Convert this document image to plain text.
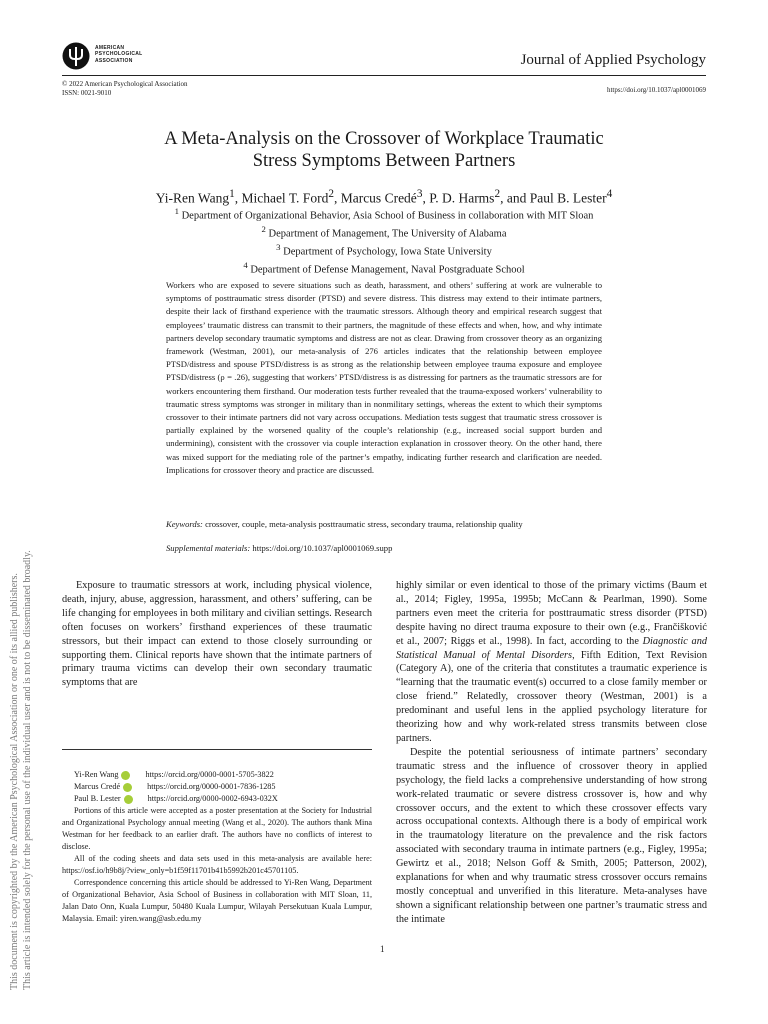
AMERICAN
PSYCHOLOGICAL
ASSOCIATION	Journal of Applied Psychology
© 2022 American Psychological Association
ISSN: 0021-9010	https://doi.org/10.1037/apl0001069
A Meta-Analysis on the Crossover of Workplace Traumatic
Stress Symptoms Between Partners
Yi-Ren Wang$^1$, Michael T. Ford$^2$, Marcus Credé$^3$, P. D. Harms$^2$, and Paul B. Lester$^4$
$^1$ Department of Organizational Behavior, Asia School of Business in collaboration with MIT Sloan
$^2$ Department of Management, The University of Alabama
$^3$ Department of Psychology, Iowa State University
$^4$ Department of Defense Management, Naval Postgraduate School
Workers who are exposed to severe situations such as death, harassment, and others’ suffering at work are vulnerable to symptoms of posttraumatic stress disorder (PTSD) and severe distress. This distress may extend to their intimate partners, despite their lack of firsthand experience with the traumatic stressors. Although theory and empirical research suggest that employees’ traumatic distress can transmit to their partners, the magnitude of these effects and when, how, and why intimate partners develop secondary traumatic symptoms and distress are not as clear. Drawing from crossover theory as an organizing framework (Westman, 2001), our meta-analysis of 276 articles indicates that the relationship between employee PTSD/distress and spouse PTSD/distress is as strong as the relationship between employee trauma exposure and employee PTSD/distress (ρ = .26), suggesting that workers’ PTSD/distress is as distressing for partners as the traumatic stressors are for workers encountering them firsthand. Our moderation tests further revealed that the trauma-exposed workers’ vulnerability to traumatic stress symptoms was stronger in military than in nonmilitary settings, whereas the extent to which their symptoms crossover to their intimate partners did not vary across occupations. Mediation tests suggest that traumatic stress crossover is partially explained by the worsened quality of the couple’s relationship (e.g., increased social support burden and undermining), consistent with the crossover via couple interaction explanation in crossover theory. On the other hand, there was mixed support for the mediating role of the partner’s empathy, indicating further research and clarification are needed. Implications for crossover theory and practice are discussed.
Keywords: crossover, couple, meta-analysis posttraumatic stress, secondary trauma, relationship quality
Supplemental materials: https://doi.org/10.1037/apl0001069.supp

Exposure to traumatic stressors at work, including physical violence, death, injury, abuse, aggression, harassment, and others’ suffering, can be life changing for employees in both military and civilian settings. Research often focuses on workers’ firsthand experiences of these traumatic stressors, but their impact can extend to those closely surrounding or supporting them. Clinical reports have shown that the intimate partners of primary trauma victims can develop their own secondary traumatic symptoms that are

highly similar or even identical to those of the primary victims (Baum et al., 2014; Figley, 1995a, 1995b; McCann & Pearlman, 1990). Some partners even meet the criteria for posttraumatic stress disorder (PTSD) despite having no direct trauma exposure to their own (e.g., Frančišković et al., 2007; Riggs et al., 1998). In fact, according to the Diagnostic and Statistical Manual of Mental Disorders, Fifth Edition, Text Revision (Category A), one of the criteria that constitutes a traumatic experience is “learning that the traumatic event(s) occurred to a close family member or close friend.” Relatedly, crossover theory (Westman, 2001) is a predominant and useful lens in the applied psychology literature for theorizing how and why work-related stress transmits between close partners.

Despite the potential seriousness of intimate partners’ secondary traumatic stress and the influence of crossover theory in applied psychology, the field lacks a comprehensive understanding of how strong work-related traumatic or severe distress crossover is, how and why crossover occurs, and the extent to which these crossover effects vary across occupational contexts. Although there is a body of empirical work in the traumatology literature on the prevalence and the risk factors associated with secondary trauma in intimate partners (e.g., Figley, 1995a; Gewirtz et al., 2018; Nelson Goff & Smith, 2005; Patterson, 2002), explanations for when and why traumatic stress crossover occurs remains mostly conceptual and unverified in this literature. Meta-analyses have shown a significant relationship between one partner’s traumatic stress and the intimate

Yi-Ren Wang	iD https://orcid.org/0000-0001-5705-3822
Marcus Credé	iD https://orcid.org/0000-0001-7836-1285
Paul B. Lester	iD https://orcid.org/0000-0002-6943-032X

Portions of this article were accepted as a poster presentation at the Society for Industrial and Organizational Psychology annual meeting (Wang et al., 2020). The authors thank Mina Westman for her feedback to an earlier draft. The authors have no conflicts of interest to disclose.

All of the coding sheets and data sets used in this meta-analysis are available here: https://osf.io/h9b8j/?view_only=b1f59f11701b41b5992b201c45701105.

Correspondence concerning this article should be addressed to Yi-Ren Wang, Department of Organizational Behavior, Asia School of Business in collaboration with MIT Sloan, 11, Jalan Dato Onn, Kuala Lumpur, 50480 Kuala Lumpur, Wilayah Persekutuan Kuala Lumpur, Malaysia. Email: yiren.wang@asb.edu.my

1
This document is copyrighted by the American Psychological Association or one of its allied publishers. This article is intended solely for the personal use of the individual user and is not to be disseminated broadly.
